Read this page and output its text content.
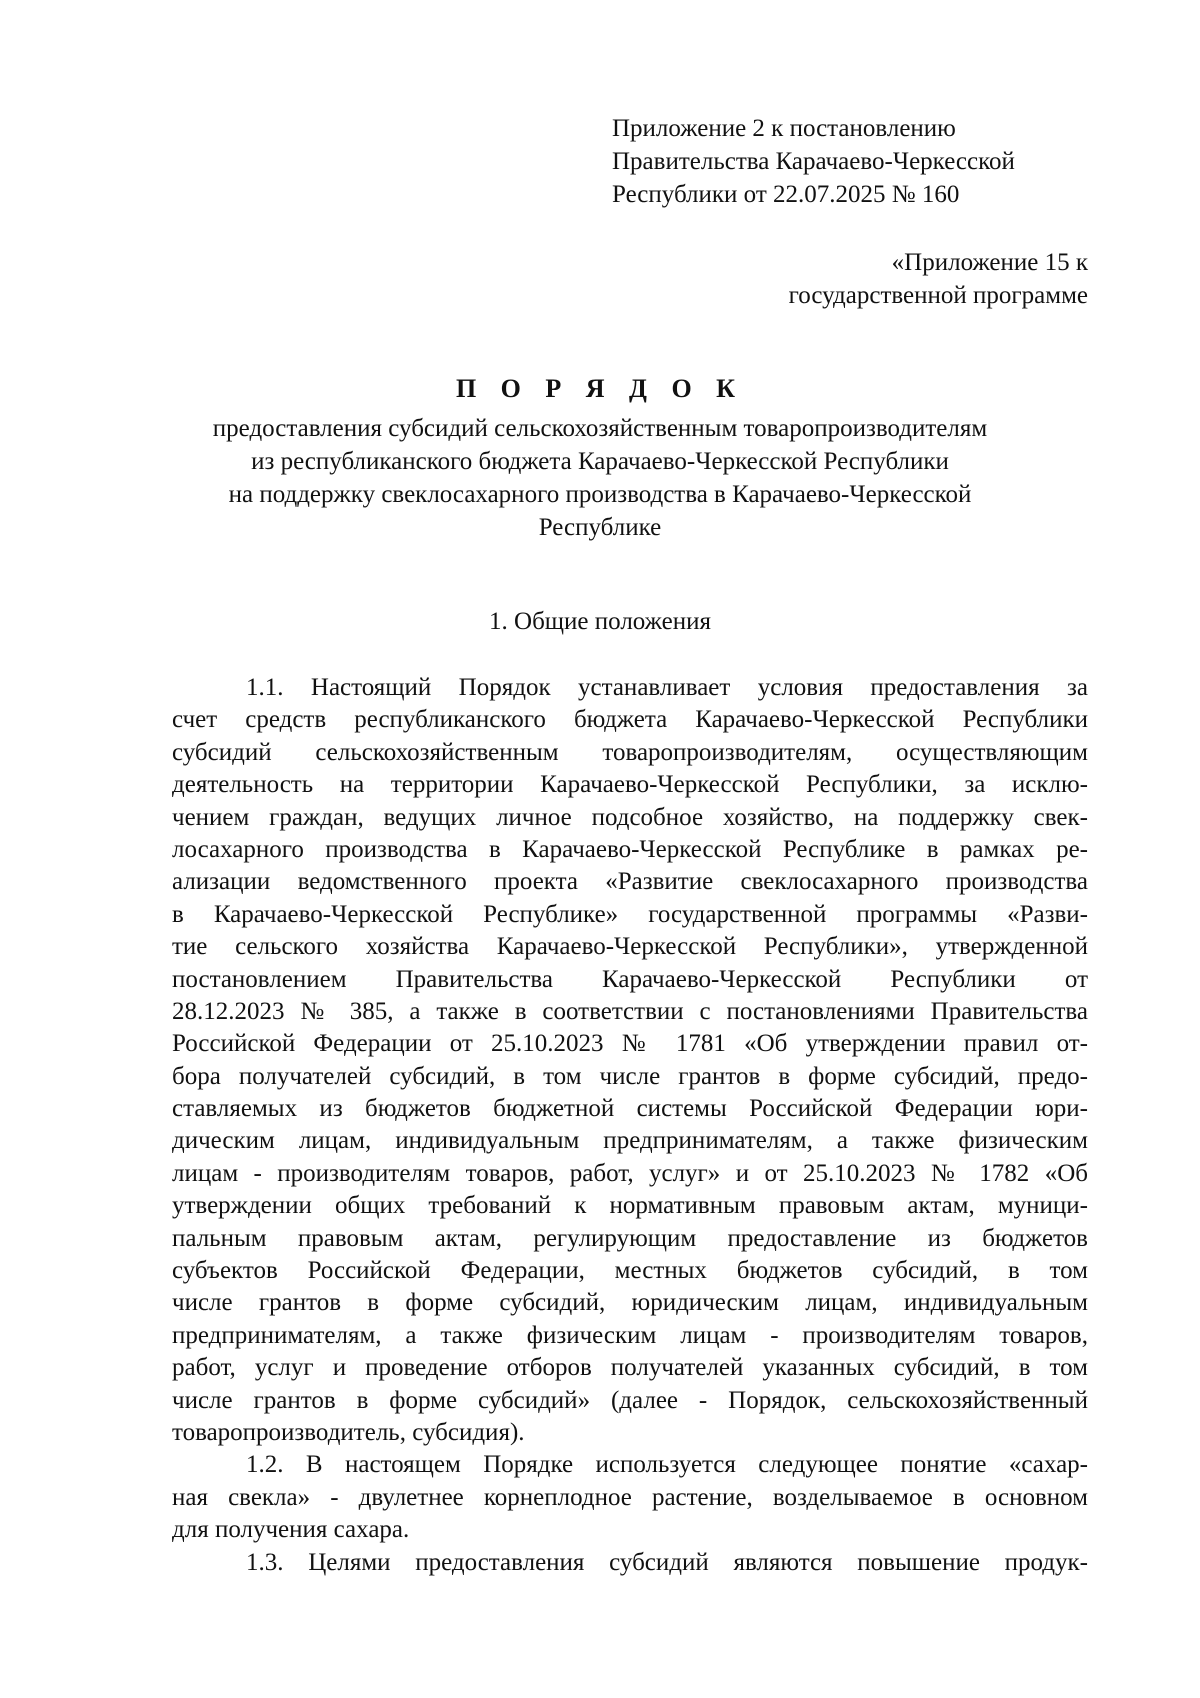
Приложение 2 к постановлению
Правительства Карачаево-Черкесской
Республики от 22.07.2025 № 160
«Приложение 15 к
государственной программе
П О Р Я Д О К
предоставления субсидий сельскохозяйственным товаропроизводителям
из республиканского бюджета Карачаево-Черкесской Республики
на поддержку свеклосахарного производства в Карачаево-Черкесской
Республике
1. Общие положения
1.1. Настоящий Порядок устанавливает условия предоставления за
счет средств республиканского бюджета Карачаево-Черкесской Республики
субсидий сельскохозяйственным товаропроизводителям, осуществляющим
деятельность на территории Карачаево-Черкесской Республики, за исклю-
чением граждан, ведущих личное подсобное хозяйство, на поддержку свек-
лосахарного производства в Карачаево-Черкесской Республике в рамках ре-
ализации ведомственного проекта «Развитие свеклосахарного производства
в Карачаево-Черкесской Республике» государственной программы «Разви-
тие сельского хозяйства Карачаево-Черкесской Республики», утвержденной
постановлением Правительства Карачаево-Черкесской Республики от
28.12.2023 № 385, а также в соответствии с постановлениями Правительства
Российской Федерации от 25.10.2023 № 1781 «Об утверждении правил от-
бора получателей субсидий, в том числе грантов в форме субсидий, предо-
ставляемых из бюджетов бюджетной системы Российской Федерации юри-
дическим лицам, индивидуальным предпринимателям, а также физическим
лицам - производителям товаров, работ, услуг» и от 25.10.2023 № 1782 «Об
утверждении общих требований к нормативным правовым актам, муници-
пальным правовым актам, регулирующим предоставление из бюджетов
субъектов Российской Федерации, местных бюджетов субсидий, в том
числе грантов в форме субсидий, юридическим лицам, индивидуальным
предпринимателям, а также физическим лицам - производителям товаров,
работ, услуг и проведение отборов получателей указанных субсидий, в том
числе грантов в форме субсидий» (далее - Порядок, сельскохозяйственный
товаропроизводитель, субсидия).
1.2. В настоящем Порядке используется следующее понятие «сахар-
ная свекла» - двулетнее корнеплодное растение, возделываемое в основном
для получения сахара.
1.3. Целями предоставления субсидий являются повышение продук-
